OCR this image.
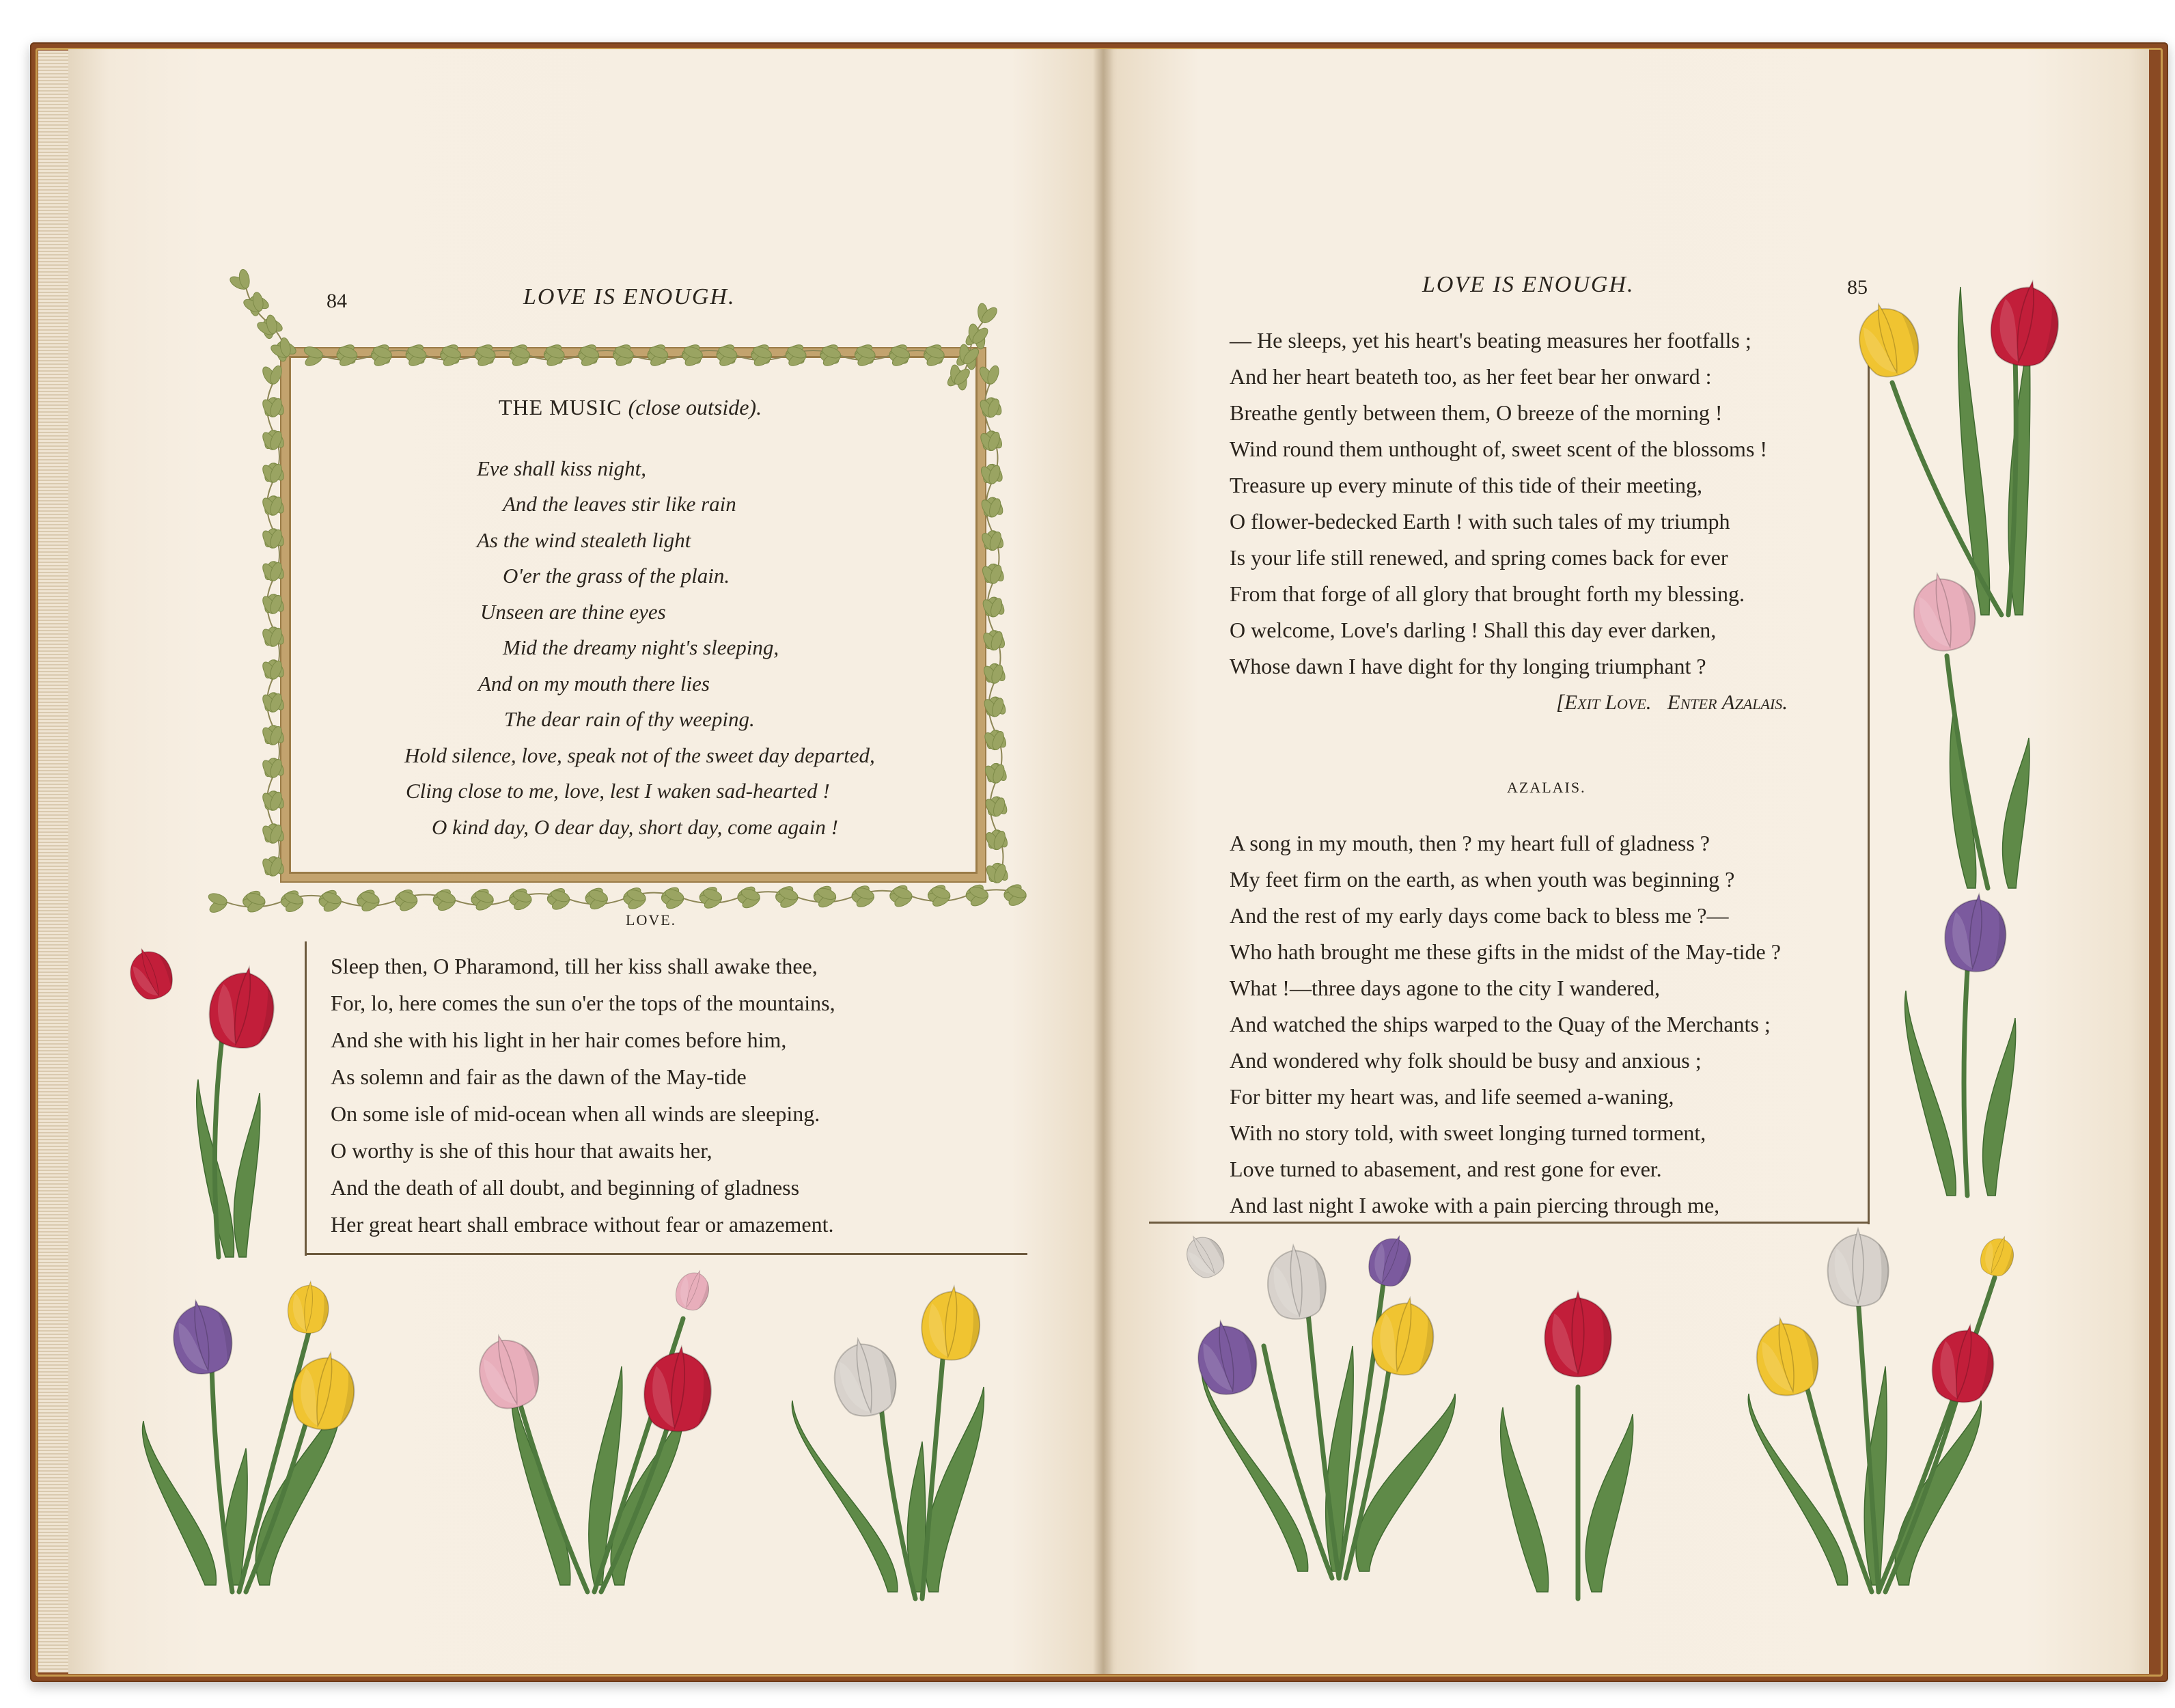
84	LOVE IS ENOUGH.
THE MUSIC (close outside).
Eve shall kiss night,
And the leaves stir like rain
As the wind stealeth light
O'er the grass of the plain.
Unseen are thine eyes
Mid the dreamy night's sleeping,
And on my mouth there lies
The dear rain of thy weeping.
Hold silence, love, speak not of the sweet day departed,
Cling close to me, love, lest I waken sad-hearted !
O kind day, O dear day, short day, come again !
LOVE.
Sleep then, O Pharamond, till her kiss shall awake thee,
For, lo, here comes the sun o'er the tops of the mountains,
And she with his light in her hair comes before him,
As solemn and fair as the dawn of the May-tide
On some isle of mid-ocean when all winds are sleeping.
O worthy is she of this hour that awaits her,
And the death of all doubt, and beginning of gladness
Her great heart shall embrace without fear or amazement.
LOVE IS ENOUGH.	85
— He sleeps, yet his heart's beating measures her footfalls ;
And her heart beateth too, as her feet bear her onward :
Breathe gently between them, O breeze of the morning !
Wind round them unthought of, sweet scent of the blossoms !
Treasure up every minute of this tide of their meeting,
O flower-bedecked Earth ! with such tales of my triumph
Is your life still renewed, and spring comes back for ever
From that forge of all glory that brought forth my blessing.
O welcome, Love's darling ! Shall this day ever darken,
Whose dawn I have dight for thy longing triumphant ?
[Exit Love. Enter Azalais.
AZALAIS.
A song in my mouth, then ? my heart full of gladness ?
My feet firm on the earth, as when youth was beginning ?
And the rest of my early days come back to bless me ?—
Who hath brought me these gifts in the midst of the May-tide ?
What !—three days agone to the city I wandered,
And watched the ships warped to the Quay of the Merchants ;
And wondered why folk should be busy and anxious ;
For bitter my heart was, and life seemed a-waning,
With no story told, with sweet longing turned torment,
Love turned to abasement, and rest gone for ever.
And last night I awoke with a pain piercing through me,
